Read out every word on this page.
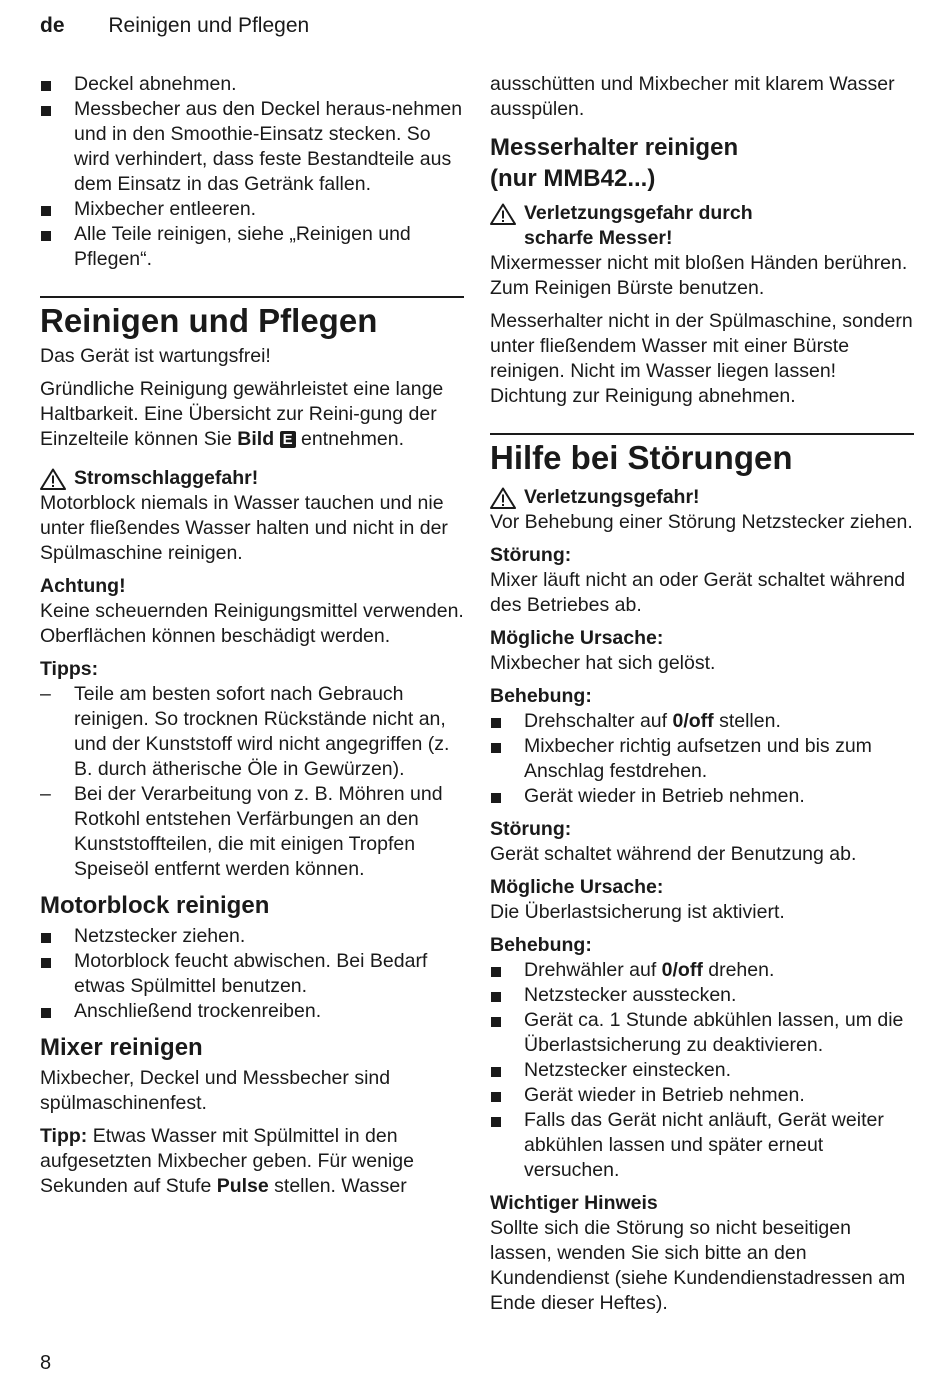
de Reinigen und Pflegen
Deckel abnehmen.
Messbecher aus den Deckel heraus-nehmen und in den Smoothie-Einsatz stecken. So wird verhindert, dass feste Bestandteile aus dem Einsatz in das Getränk fallen.
Mixbecher entleeren.
Alle Teile reinigen, siehe „Reinigen und Pflegen“.
Reinigen und Pflegen

Das Gerät ist wartungsfrei!

Gründliche Reinigung gewährleistet eine lange Haltbarkeit. Eine Übersicht zur Reini-gung der Einzelteile können Sie Bild E entnehmen.

Stromschlaggefahr!

Motorblock niemals in Wasser tauchen und nie unter fließendes Wasser halten und nicht in der Spülmaschine reinigen.

Achtung!

Keine scheuernden Reinigungsmittel verwenden. Oberflächen können beschädigt werden.

Tipps:

– Teile am besten sofort nach Gebrauch reinigen. So trocknen Rückstände nicht an, und der Kunststoff wird nicht angegriffen (z. B. durch ätherische Öle in Gewürzen).
– Bei der Verarbeitung von z. B. Möhren und Rotkohl entstehen Verfärbungen an den Kunststoffteilen, die mit einigen Tropfen Speiseöl entfernt werden können.
Motorblock reinigen
Netzstecker ziehen.
Motorblock feucht abwischen. Bei Bedarf etwas Spülmittel benutzen.
Anschließend trockenreiben.
Mixer reinigen

Mixbecher, Deckel und Messbecher sind spülmaschinenfest.

Tipp: Etwas Wasser mit Spülmittel in den aufgesetzten Mixbecher geben. Für wenige Sekunden auf Stufe Pulse stellen. Wasser

ausschütten und Mixbecher mit klarem Wasser ausspülen.

Messerhalter reinigen (nur MMB42...)
Verletzungsgefahr durch scharfe Messer!

Mixermesser nicht mit bloßen Händen berühren. Zum Reinigen Bürste benutzen.

Messerhalter nicht in der Spülmaschine, sondern unter fließendem Wasser mit einer Bürste reinigen. Nicht im Wasser liegen lassen! Dichtung zur Reinigung abnehmen.

Hilfe bei Störungen
Verletzungsgefahr!

Vor Behebung einer Störung Netzstecker ziehen.

Störung:

Mixer läuft nicht an oder Gerät schaltet während des Betriebes ab.

Mögliche Ursache:

Mixbecher hat sich gelöst.

Behebung:

Drehschalter auf 0/off stellen.
Mixbecher richtig aufsetzen und bis zum Anschlag festdrehen.
Gerät wieder in Betrieb nehmen.

Störung:

Gerät schaltet während der Benutzung ab.

Mögliche Ursache:

Die Überlastsicherung ist aktiviert.

Behebung:

Drehwähler auf 0/off drehen.
Netzstecker ausstecken.
Gerät ca. 1 Stunde abkühlen lassen, um die Überlastsicherung zu deaktivieren.
Netzstecker einstecken.
Gerät wieder in Betrieb nehmen.
Falls das Gerät nicht anläuft, Gerät weiter abkühlen lassen und später erneut versuchen.

Wichtiger Hinweis

Sollte sich die Störung so nicht beseitigen lassen, wenden Sie sich bitte an den Kundendienst (siehe Kundendienstadressen am Ende dieser Heftes).

8
